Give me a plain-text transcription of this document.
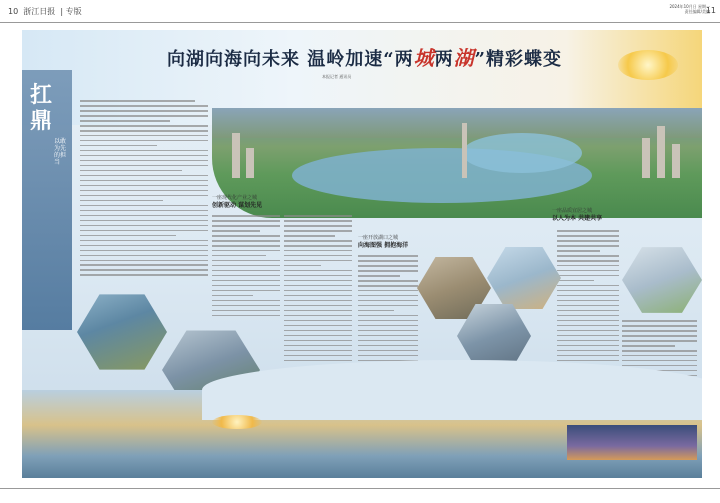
10 浙江日报  | 专版
2024年10月日 星期一
责任编辑/美编
11
向湖向海向未来 温岭加速“两城两湖”精彩蝶变
本报记者 通讯员
扛鼎
以敢为先的担当
一座现代化产业之城
创新驱动 谋划先见
一座开放湖口之城
向海图强 拥抱海洋
一座品质宜居之城
以人为本 共建共享
